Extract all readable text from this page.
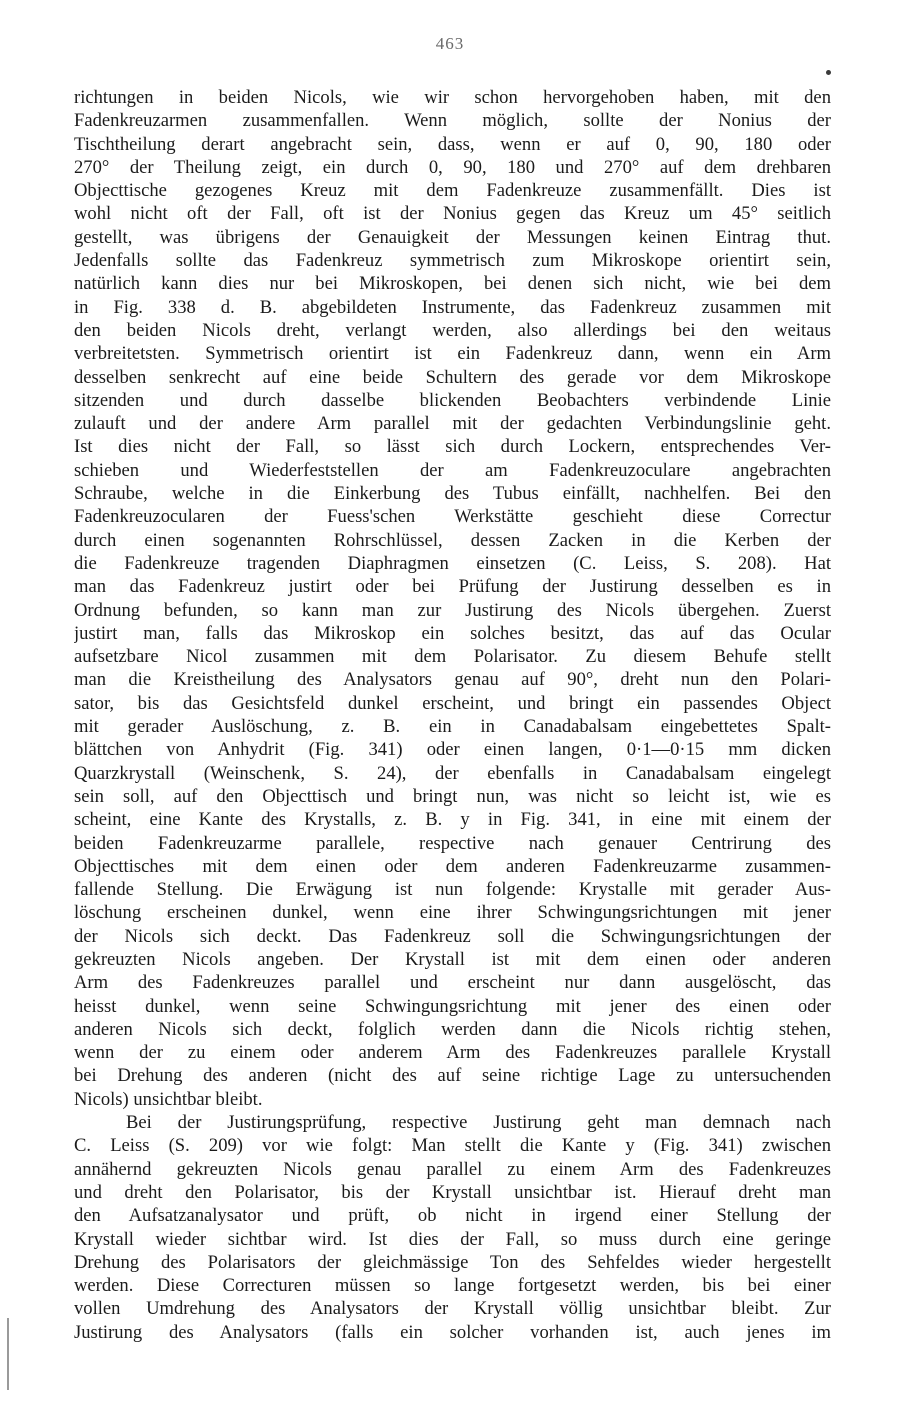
463
richtungen in beiden Nicols, wie wir schon hervorgehoben haben, mit den
Fadenkreuzarmen zusammenfallen. Wenn möglich, sollte der Nonius der
Tischtheilung derart angebracht sein, dass, wenn er auf 0, 90, 180 oder
270° der Theilung zeigt, ein durch 0, 90, 180 und 270° auf dem drehbaren
Objecttische gezogenes Kreuz mit dem Fadenkreuze zusammenfällt. Dies ist
wohl nicht oft der Fall, oft ist der Nonius gegen das Kreuz um 45° seitlich
gestellt, was übrigens der Genauigkeit der Messungen keinen Eintrag thut.
Jedenfalls sollte das Fadenkreuz symmetrisch zum Mikroskope orientirt sein,
natürlich kann dies nur bei Mikroskopen, bei denen sich nicht, wie bei dem
in Fig. 338 d. B. abgebildeten Instrumente, das Fadenkreuz zusammen mit
den beiden Nicols dreht, verlangt werden, also allerdings bei den weitaus
verbreitetsten. Symmetrisch orientirt ist ein Fadenkreuz dann, wenn ein Arm
desselben senkrecht auf eine beide Schultern des gerade vor dem Mikroskope
sitzenden und durch dasselbe blickenden Beobachters verbindende Linie
zulauft und der andere Arm parallel mit der gedachten Verbindungslinie geht.
Ist dies nicht der Fall, so lässt sich durch Lockern, entsprechendes Ver-
schieben und Wiederfeststellen der am Fadenkreuzoculare angebrachten
Schraube, welche in die Einkerbung des Tubus einfällt, nachhelfen. Bei den
Fadenkreuzocularen der Fuess'schen Werkstätte geschieht diese Correctur
durch einen sogenannten Rohrschlüssel, dessen Zacken in die Kerben der
die Fadenkreuze tragenden Diaphragmen einsetzen (C. Leiss, S. 208). Hat
man das Fadenkreuz justirt oder bei Prüfung der Justirung desselben es in
Ordnung befunden, so kann man zur Justirung des Nicols übergehen. Zuerst
justirt man, falls das Mikroskop ein solches besitzt, das auf das Ocular
aufsetzbare Nicol zusammen mit dem Polarisator. Zu diesem Behufe stellt
man die Kreistheilung des Analysators genau auf 90°, dreht nun den Polari-
sator, bis das Gesichtsfeld dunkel erscheint, und bringt ein passendes Object
mit gerader Auslöschung, z. B. ein in Canadabalsam eingebettetes Spalt-
blättchen von Anhydrit (Fig. 341) oder einen langen, 0·1—0·15 mm dicken
Quarzkrystall (Weinschenk, S. 24), der ebenfalls in Canadabalsam eingelegt
sein soll, auf den Objecttisch und bringt nun, was nicht so leicht ist, wie es
scheint, eine Kante des Krystalls, z. B. y in Fig. 341, in eine mit einem der
beiden Fadenkreuzarme parallele, respective nach genauer Centrirung des
Objecttisches mit dem einen oder dem anderen Fadenkreuzarme zusammen-
fallende Stellung. Die Erwägung ist nun folgende: Krystalle mit gerader Aus-
löschung erscheinen dunkel, wenn eine ihrer Schwingungsrichtungen mit jener
der Nicols sich deckt. Das Fadenkreuz soll die Schwingungsrichtungen der
gekreuzten Nicols angeben. Der Krystall ist mit dem einen oder anderen
Arm des Fadenkreuzes parallel und erscheint nur dann ausgelöscht, das
heisst dunkel, wenn seine Schwingungsrichtung mit jener des einen oder
anderen Nicols sich deckt, folglich werden dann die Nicols richtig stehen,
wenn der zu einem oder anderem Arm des Fadenkreuzes parallele Krystall
bei Drehung des anderen (nicht des auf seine richtige Lage zu untersuchenden
Nicols) unsichtbar bleibt.
Bei der Justirungsprüfung, respective Justirung geht man demnach nach
C. Leiss (S. 209) vor wie folgt: Man stellt die Kante y (Fig. 341) zwischen
annähernd gekreuzten Nicols genau parallel zu einem Arm des Fadenkreuzes
und dreht den Polarisator, bis der Krystall unsichtbar ist. Hierauf dreht man
den Aufsatzanalysator und prüft, ob nicht in irgend einer Stellung der
Krystall wieder sichtbar wird. Ist dies der Fall, so muss durch eine geringe
Drehung des Polarisators der gleichmässige Ton des Sehfeldes wieder hergestellt
werden. Diese Correcturen müssen so lange fortgesetzt werden, bis bei einer
vollen Umdrehung des Analysators der Krystall völlig unsichtbar bleibt. Zur
Justirung des Analysators (falls ein solcher vorhanden ist, auch jenes im
